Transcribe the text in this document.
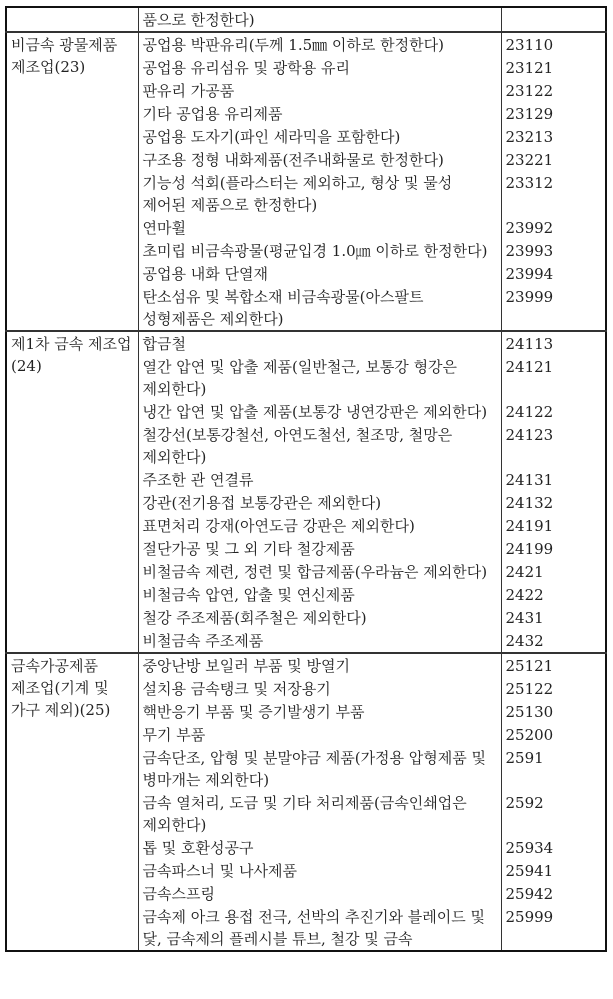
	품으로 한정한다)	
비금속 광물제품 제조업(23)	공업용 박판유리(두께 1.5㎜ 이하로 한정한다)	23110
	공업용 유리섬유 및 광학용 유리	23121
	판유리 가공품	23122
	기타 공업용 유리제품	23129
	공업용 도자기(파인 세라믹을 포함한다)	23213
	구조용 정형 내화제품(전주내화물로 한정한다)	23221
	기능성 석회(플라스터는 제외하고, 형상 및 물성 제어된 제품으로 한정한다)	23312
	연마휠	23992
	초미립 비금속광물(평균입경 1.0㎛ 이하로 한정한다)	23993
	공업용 내화 단열재	23994
	탄소섬유 및 복합소재 비금속광물(아스팔트 성형제품은 제외한다)	23999
제1차 금속 제조업(24)	합금철	24113
	열간 압연 및 압출 제품(일반철근, 보통강 형강은 제외한다)	24121
	냉간 압연 및 압출 제품(보통강 냉연강판은 제외한다)	24122
	철강선(보통강철선, 아연도철선, 철조망, 철망은 제외한다)	24123
	주조한 관 연결류	24131
	강관(전기용접 보통강관은 제외한다)	24132
	표면처리 강재(아연도금 강판은 제외한다)	24191
	절단가공 및 그 외 기타 철강제품	24199
	비철금속 제련, 정련 및 합금제품(우라늄은 제외한다)	2421
	비철금속 압연, 압출 및 연신제품	2422
	철강 주조제품(회주철은 제외한다)	2431
	비철금속 주조제품	2432
금속가공제품 제조업(기계 및 가구 제외)(25)	중앙난방 보일러 부품 및 방열기	25121
	설치용 금속탱크 및 저장용기	25122
	핵반응기 부품 및 증기발생기 부품	25130
	무기 부품	25200
	금속단조, 압형 및 분말야금 제품(가정용 압형제품 및 병마개는 제외한다)	2591
	금속 열처리, 도금 및 기타 처리제품(금속인쇄업은 제외한다)	2592
	톱 및 호환성공구	25934
	금속파스너 및 나사제품	25941
	금속스프링	25942
	금속제 아크 용접 전극, 선박의 추진기와 블레이드 및 닻, 금속제의 플레시블 튜브, 철강 및 금속	25999
